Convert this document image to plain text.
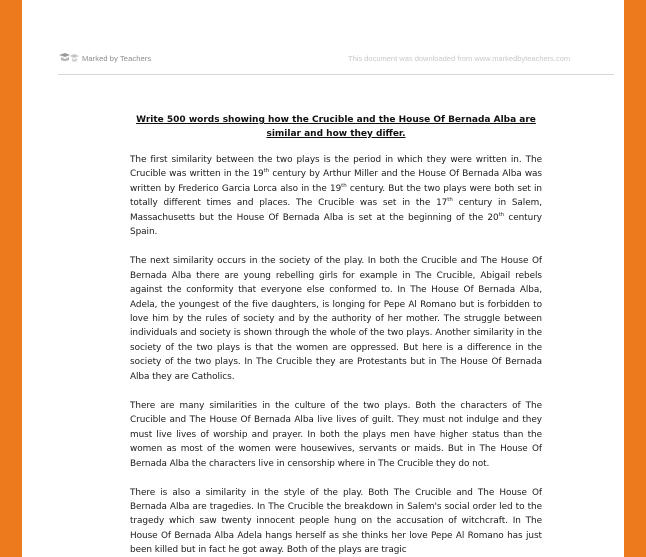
Marked by Teachers	This document was downloaded from www.markedbyteachers.com

Write 500 words showing how the Crucible and the House Of Bernada Alba are

similar and how they differ.

The first similarity between the two plays is the period in which they were written in. The Crucible was written in the 19th century by Arthur Miller and the House Of Bernada Alba was written by Frederico Garcia Lorca also in the 19th century. But the two plays were both set in totally different times and places. The Crucible was set in the 17th century in Salem, Massachusetts but the House Of Bernada Alba is set at the beginning of the 20th century Spain.

The next similarity occurs in the society of the play. In both the Crucible and The House Of Bernada Alba there are young rebelling girls for example in The Crucible, Abigail rebels against the conformity that everyone else conformed to. In The House Of Bernada Alba, Adela, the youngest of the five daughters, is longing for Pepe Al Romano but is forbidden to love him by the rules of society and by the authority of her mother. The struggle between individuals and society is shown through the whole of the two plays. Another similarity in the society of the two plays is that the women are oppressed. But here is a difference in the society of the two plays. In The Crucible they are Protestants but in The House Of Bernada Alba they are Catholics.

There are many similarities in the culture of the two plays. Both the characters of The Crucible and The House Of Bernada Alba live lives of guilt. They must not indulge and they must live lives of worship and prayer. In both the plays men have higher status than the women as most of the women were housewives, servants or maids. But in The House Of Bernada Alba the characters live in censorship where in The Crucible they do not.

There is also a similarity in the style of the play. Both The Crucible and The House Of Bernada Alba are tragedies. In The Crucible the breakdown in Salem's social order led to the tragedy which saw twenty innocent people hung on the accusation of witchcraft. In The House Of Bernada Alba Adela hangs herself as she thinks her love Pepe Al Romano has just been killed but in fact he got away. Both of the plays are tragic
